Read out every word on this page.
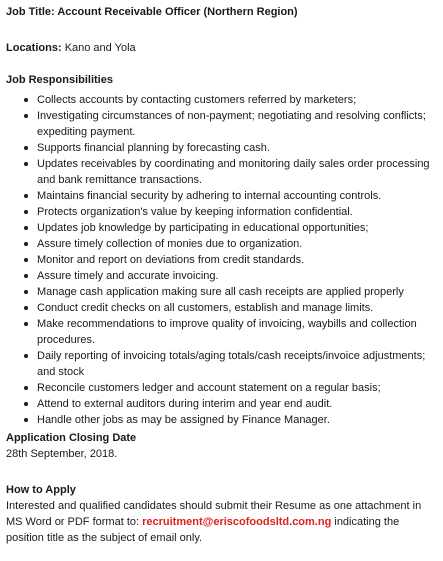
Job Title: Account Receivable Officer (Northern Region)

Locations: Kano and Yola

Job Responsibilities

Collects accounts by contacting customers referred by marketers;
Investigating circumstances of non-payment; negotiating and resolving conflicts; expediting payment.
Supports financial planning by forecasting cash.
Updates receivables by coordinating and monitoring daily sales order processing and bank remittance transactions.
Maintains financial security by adhering to internal accounting controls.
Protects organization's value by keeping information confidential.
Updates job knowledge by participating in educational opportunities;
Assure timely collection of monies due to organization.
Monitor and report on deviations from credit standards.
Assure timely and accurate invoicing.
Manage cash application making sure all cash receipts are applied properly
Conduct credit checks on all customers, establish and manage limits.
Make recommendations to improve quality of invoicing, waybills and collection procedures.
Daily reporting of invoicing totals/aging totals/cash receipts/invoice adjustments; and stock
Reconcile customers ledger and account statement on a regular basis;
Attend to external auditors during interim and year end audit.
Handle other jobs as may be assigned by Finance Manager.

Application Closing Date

28th September, 2018.

How to Apply

Interested and qualified candidates should submit their Resume as one attachment in MS Word or PDF format to: recruitment@eriscofoodsltd.com.ng indicating the position title as the subject of email only.
